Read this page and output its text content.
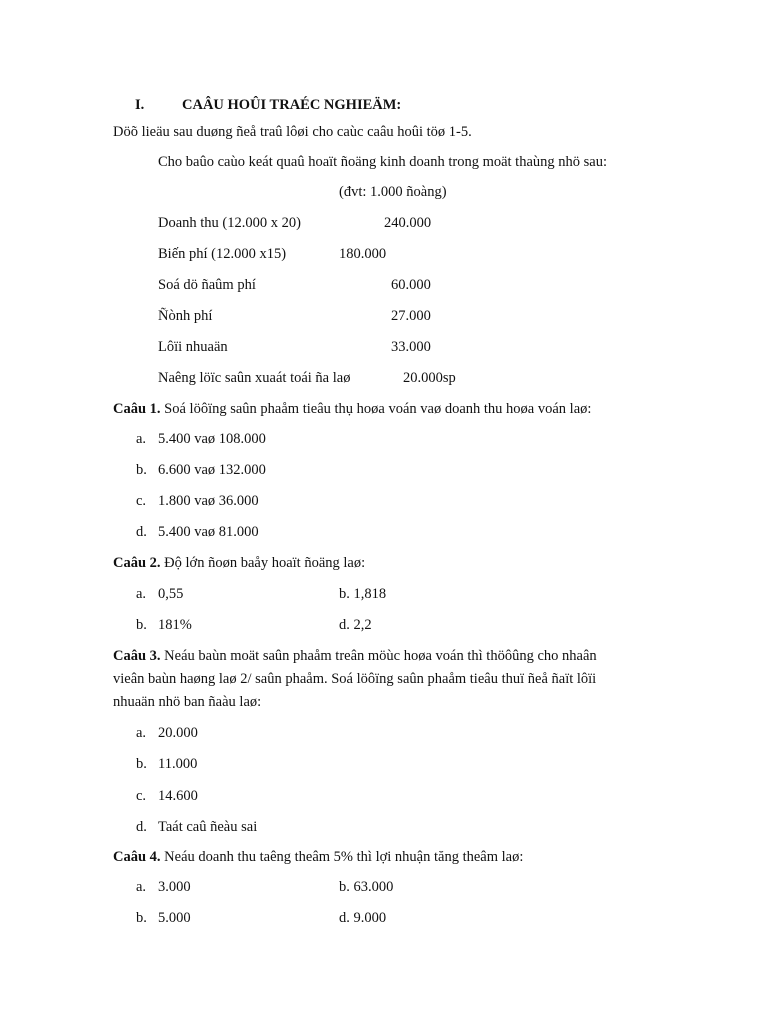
I.	CAÂU HOÛI TRAÉC NGHIEÄM:
Döõ lieäu sau duøng ñeå traû lôøi cho caùc caâu hoûi töø 1-5.
Cho baûo caùo keát quaû hoaït ñoäng kinh doanh trong moät thaùng nhö sau:
(đvt: 1.000 ñoàng)
Doanh thu (12.000 x 20)	240.000
Biến phí (12.000 x15)	180.000
Soá dö ñaûm phí	60.000
Ñònh phí	27.000
Lôïi nhuaän	33.000
Naêng löïc saûn xuaát toái ña laø	20.000sp
Caâu 1. Soá löôïng saûn phaåm tieâu thụ hoøa voán vaø doanh thu hoøa voán laø:
a. 5.400 vaø 108.000
b. 6.600 vaø 132.000
c. 1.800 vaø 36.000
d. 5.400 vaø 81.000
Caâu 2. Độ lớn ñoøn baåy hoaït ñoäng laø:
a. 0,55	b. 1,818
b. 181%	d. 2,2
Caâu 3. Neáu baùn moät saûn phaåm treân möùc hoøa voán thì thöôûng cho nhaân
vieân baùn haøng laø 2/ saûn phaåm. Soá löôïng saûn phaåm tieâu thuï ñeå ñaït lôïi
nhuaän nhö ban ñaàu laø:
a. 20.000
b. 11.000
c. 14.600
d. Taát caû ñeàu sai
Caâu 4. Neáu doanh thu taêng theâm 5% thì lợi nhuận tăng theâm laø:
a. 3.000	b. 63.000
b. 5.000	d. 9.000
